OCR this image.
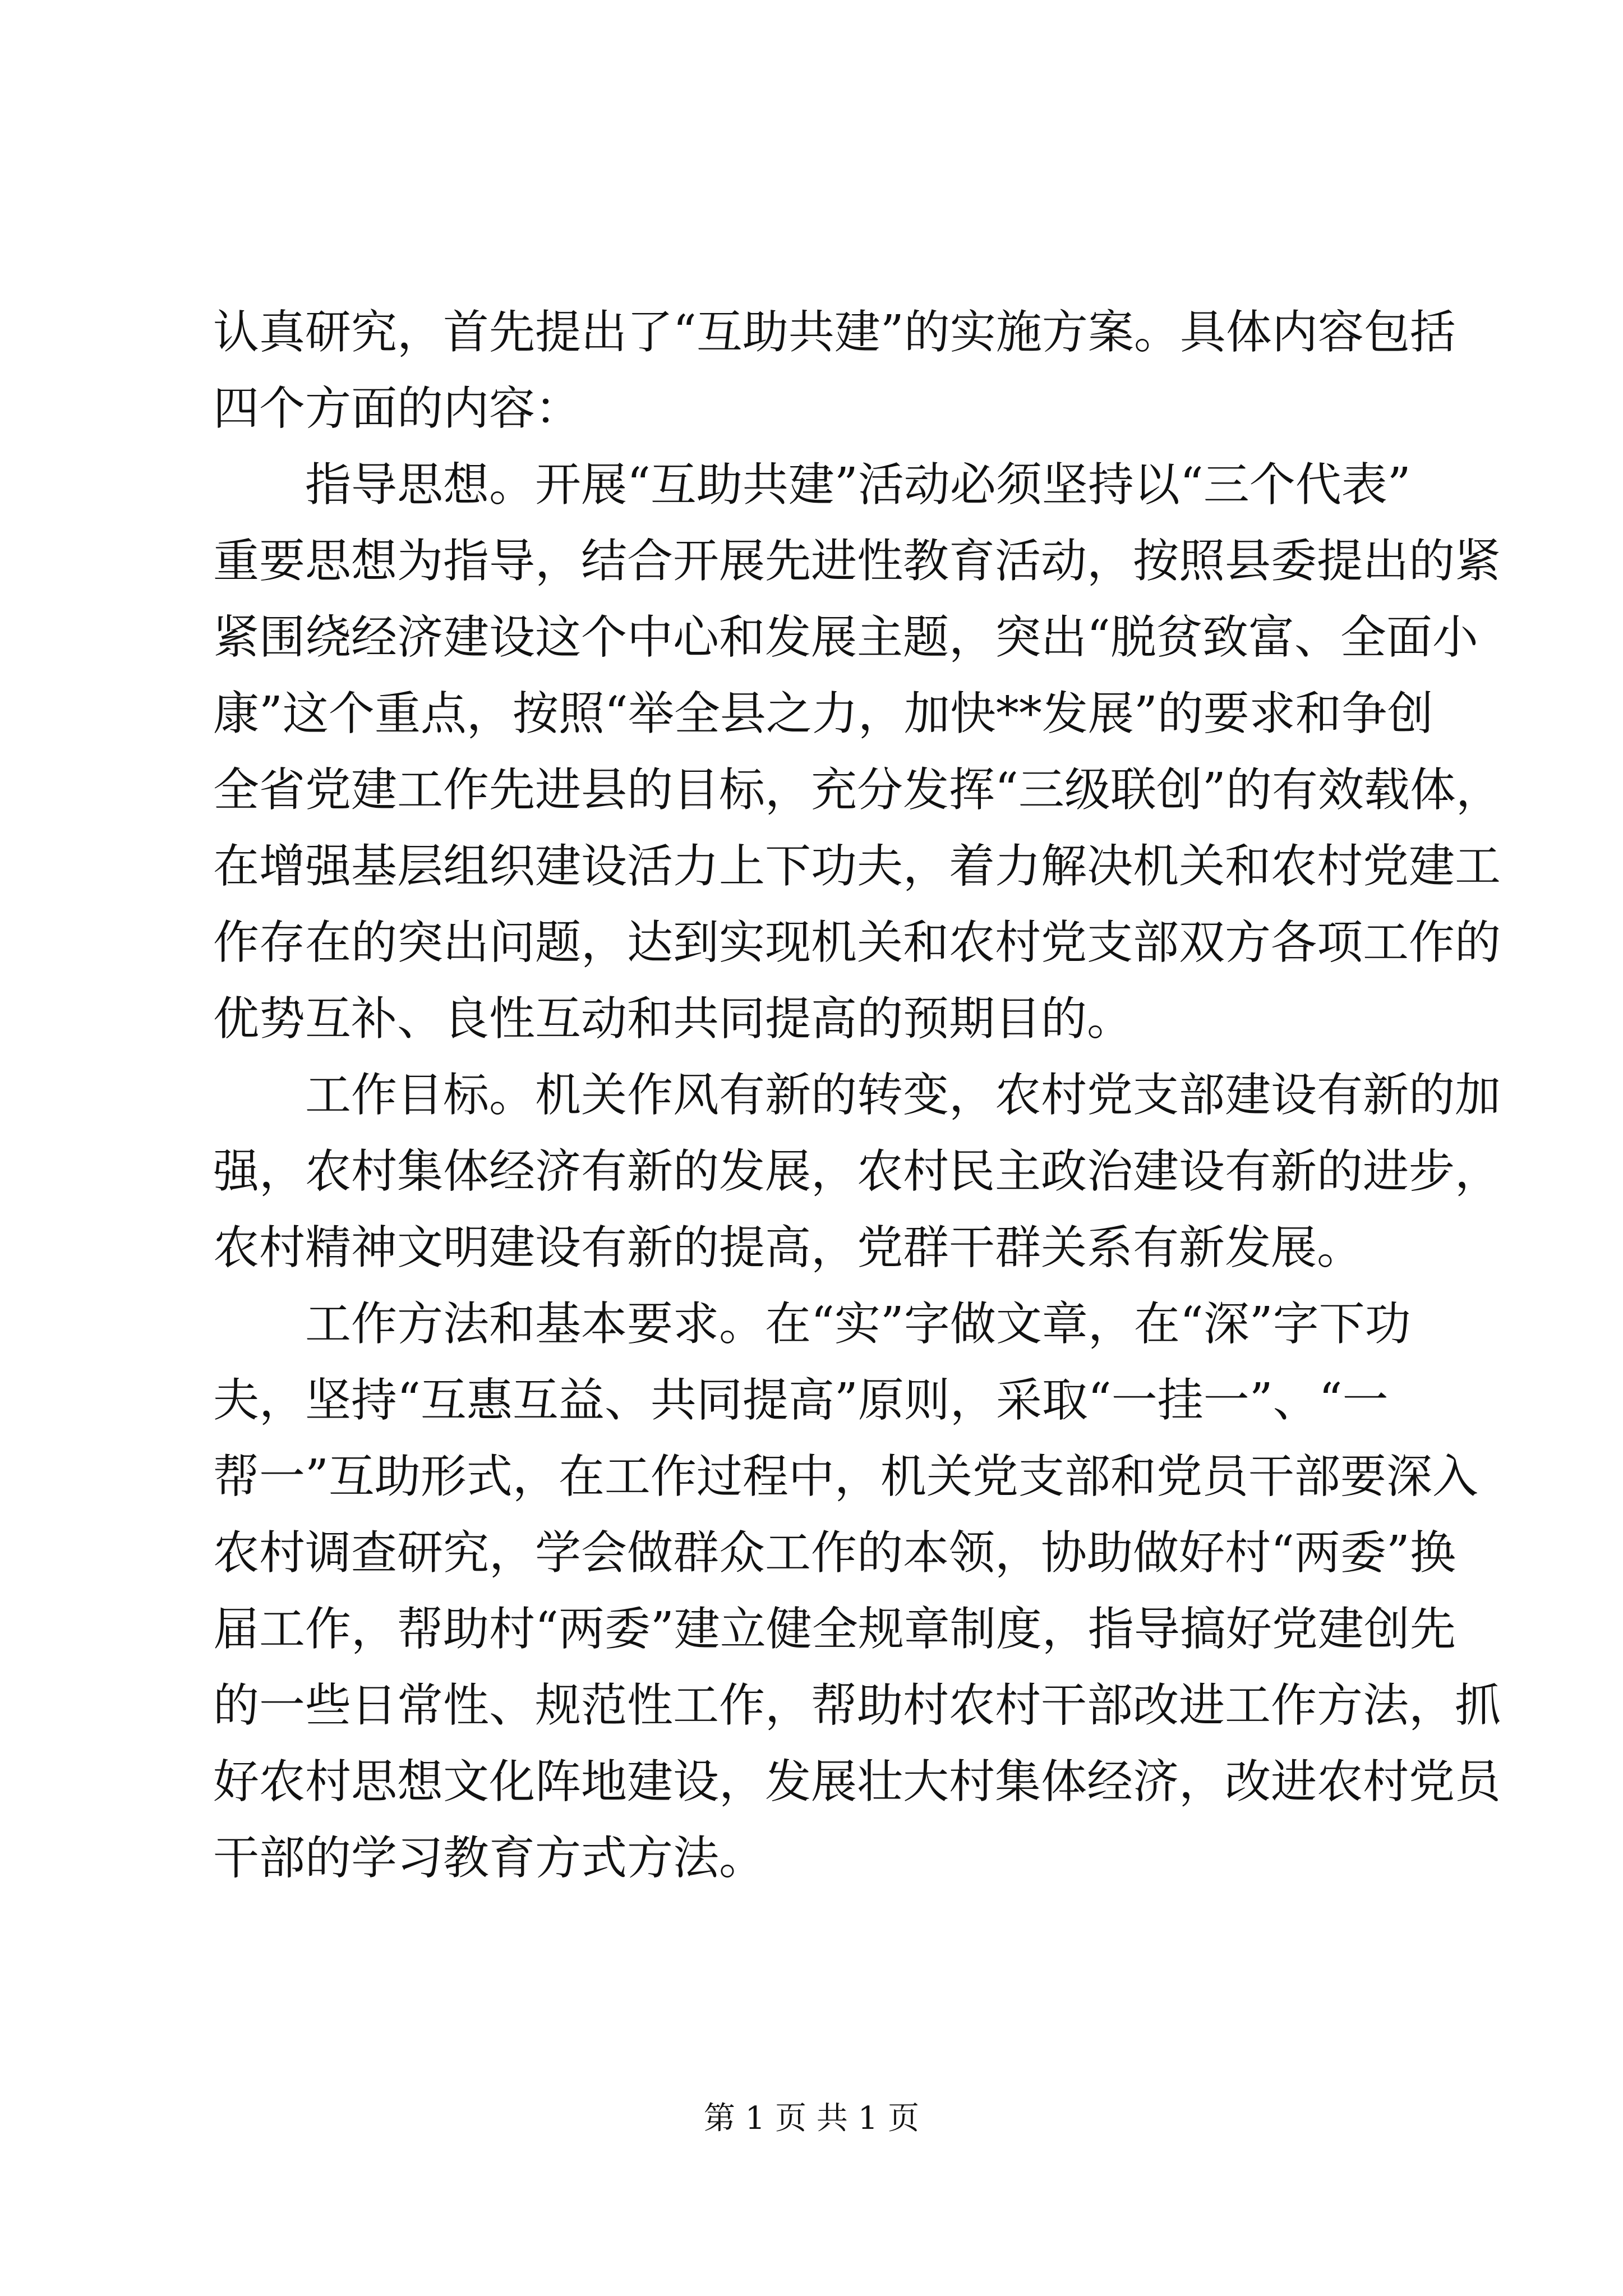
认真研究，首先提出了“互助共建”的实施方案。具体内容包括
四个方面的内容：
　　指导思想。开展“互助共建”活动必须坚持以“三个代表”
重要思想为指导，结合开展先进性教育活动，按照县委提出的紧
紧围绕经济建设这个中心和发展主题，突出“脱贫致富、全面小
康”这个重点，按照“举全县之力，加快**发展”的要求和争创
全省党建工作先进县的目标，充分发挥“三级联创”的有效载体，
在增强基层组织建设活力上下功夫，着力解决机关和农村党建工
作存在的突出问题，达到实现机关和农村党支部双方各项工作的
优势互补、良性互动和共同提高的预期目的。
　　工作目标。机关作风有新的转变，农村党支部建设有新的加
强，农村集体经济有新的发展，农村民主政治建设有新的进步，
农村精神文明建设有新的提高，党群干群关系有新发展。
　　工作方法和基本要求。在“实”字做文章，在“深”字下功
夫，坚持“互惠互益、共同提高”原则，采取“一挂一”、“一
帮一”互助形式，在工作过程中，机关党支部和党员干部要深入
农村调查研究，学会做群众工作的本领，协助做好村“两委”换
届工作，帮助村“两委”建立健全规章制度，指导搞好党建创先
的一些日常性、规范性工作，帮助村农村干部改进工作方法，抓
好农村思想文化阵地建设，发展壮大村集体经济，改进农村党员
干部的学习教育方式方法。
第 1 页 共 1 页
